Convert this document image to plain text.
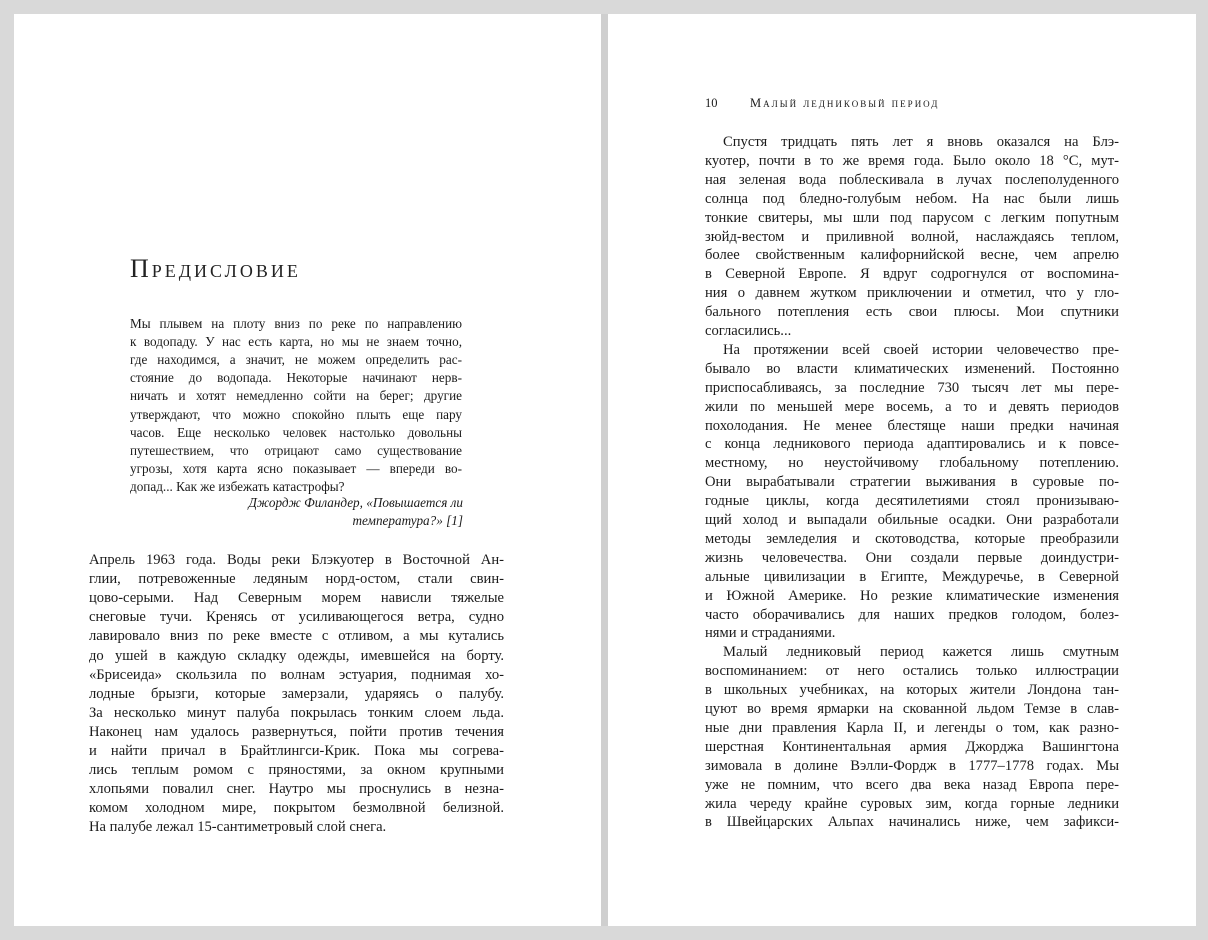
Предисловие
Мы плывем на плоту вниз по реке по направлению
к водопаду. У нас есть карта, но мы не знаем точно,
где находимся, а значит, не можем определить рас-
стояние до водопада. Некоторые начинают нерв-
ничать и хотят немедленно сойти на берег; другие
утверждают, что можно спокойно плыть еще пару
часов. Еще несколько человек настолько довольны
путешествием, что отрицают само существование
угрозы, хотя карта ясно показывает — впереди во-
допад... Как же избежать катастрофы?
Джордж Филандер, «Повышается ли
температура?» [1]
Апрель 1963 года. Воды реки Блэкуотер в Восточной Ан-
глии, потревоженные ледяным норд-остом, стали свин-
цово-серыми. Над Северным морем нависли тяжелые
снеговые тучи. Кренясь от усиливающегося ветра, судно
лавировало вниз по реке вместе с отливом, а мы кутались
до ушей в каждую складку одежды, имевшейся на борту.
«Брисеида» скользила по волнам эстуария, поднимая хо-
лодные брызги, которые замерзали, ударяясь о палубу.
За несколько минут палуба покрылась тонким слоем льда.
Наконец нам удалось развернуться, пойти против течения
и найти причал в Брайтлингси-Крик. Пока мы согрева-
лись теплым ромом с пряностями, за окном крупными
хлопьями повалил снег. Наутро мы проснулись в незна-
комом холодном мире, покрытом безмолвной белизной.
На палубе лежал 15-сантиметровый слой снега.
10	Малый ледниковый период
Спустя тридцать пять лет я вновь оказался на Блэ-
куотер, почти в то же время года. Было около 18 °C, мут-
ная зеленая вода поблескивала в лучах послеполуденного
солнца под бледно-голубым небом. На нас были лишь
тонкие свитеры, мы шли под парусом с легким попутным
зюйд-вестом и приливной волной, наслаждаясь теплом,
более свойственным калифорнийской весне, чем апрелю
в Северной Европе. Я вдруг содрогнулся от воспомина-
ния о давнем жутком приключении и отметил, что у гло-
бального потепления есть свои плюсы. Мои спутники
согласились...
На протяжении всей своей истории человечество пре-
бывало во власти климатических изменений. Постоянно
приспосабливаясь, за последние 730 тысяч лет мы пере-
жили по меньшей мере восемь, а то и девять периодов
похолодания. Не менее блестяще наши предки начиная
с конца ледникового периода адаптировались и к повсе-
местному, но неустойчивому глобальному потеплению.
Они вырабатывали стратегии выживания в суровые по-
годные циклы, когда десятилетиями стоял пронизываю-
щий холод и выпадали обильные осадки. Они разработали
методы земледелия и скотоводства, которые преобразили
жизнь человечества. Они создали первые доиндустри-
альные цивилизации в Египте, Междуречье, в Северной
и Южной Америке. Но резкие климатические изменения
часто оборачивались для наших предков голодом, болез-
нями и страданиями.
Малый ледниковый период кажется лишь смутным
воспоминанием: от него остались только иллюстрации
в школьных учебниках, на которых жители Лондона тан-
цуют во время ярмарки на скованной льдом Темзе в слав-
ные дни правления Карла II, и легенды о том, как разно-
шерстная Континентальная армия Джорджа Вашингтона
зимовала в долине Вэлли-Фордж в 1777–1778 годах. Мы
уже не помним, что всего два века назад Европа пере-
жила череду крайне суровых зим, когда горные ледники
в Швейцарских Альпах начинались ниже, чем зафикси-
